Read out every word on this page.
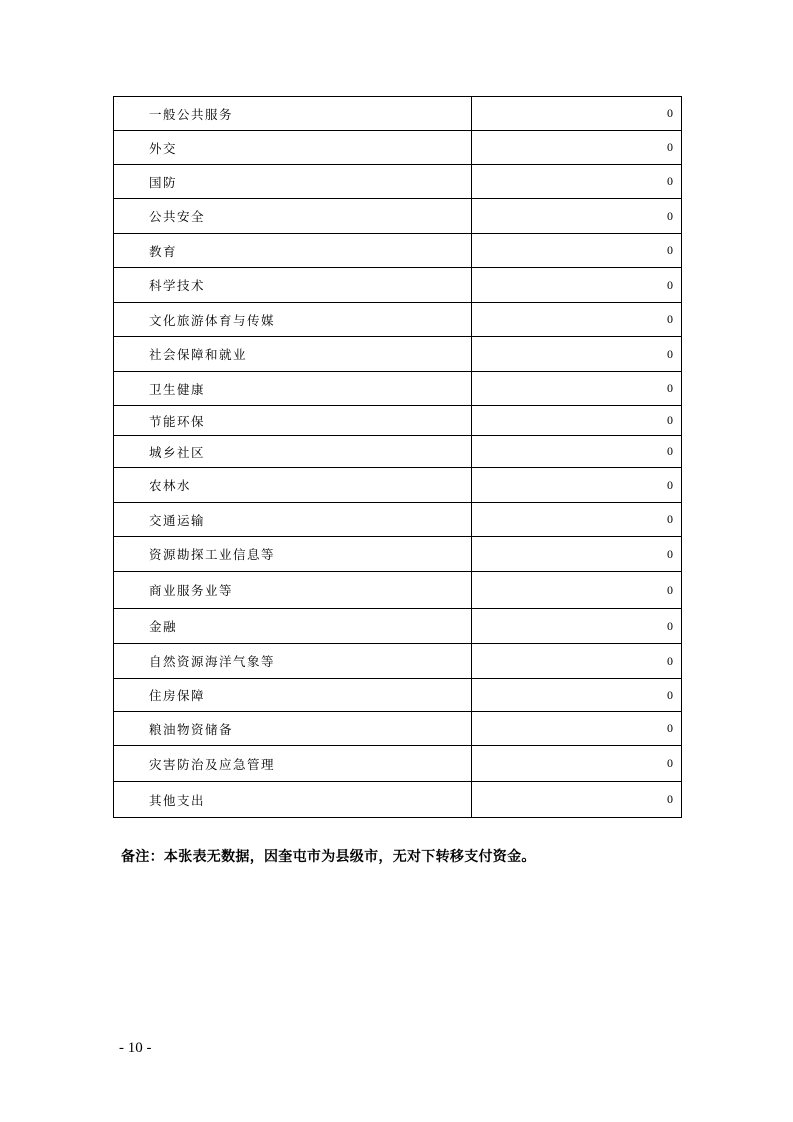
一般公共服务	0
外交	0
国防	0
公共安全	0
教育	0
科学技术	0
文化旅游体育与传媒	0
社会保障和就业	0
卫生健康	0
节能环保	0
城乡社区	0
农林水	0
交通运输	0
资源勘探工业信息等	0
商业服务业等	0
金融	0
自然资源海洋气象等	0
住房保障	0
粮油物资储备	0
灾害防治及应急管理	0
其他支出	0
备注：本张表无数据，因奎屯市为县级市，无对下转移支付资金。
- 10 -
